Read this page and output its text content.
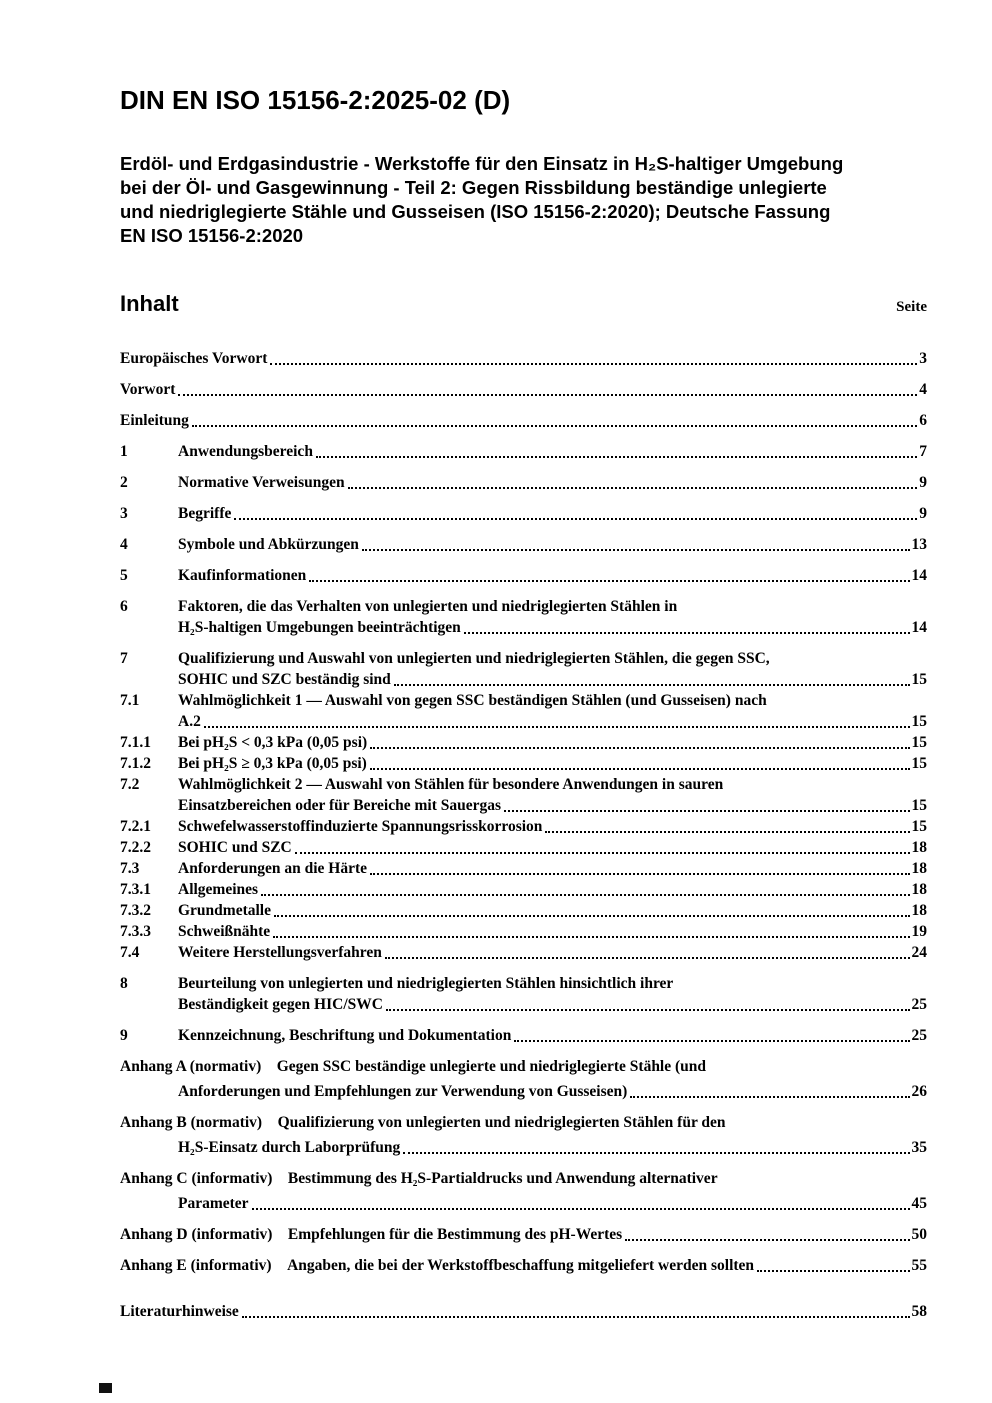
DIN EN ISO 15156-2:2025-02 (D)
Erdöl- und Erdgasindustrie - Werkstoffe für den Einsatz in H₂S-haltiger Umgebung
bei der Öl- und Gasgewinnung - Teil 2: Gegen Rissbildung beständige unlegierte
und niedriglegierte Stähle und Gusseisen (ISO 15156-2:2020); Deutsche Fassung
EN ISO 15156-2:2020
Inhalt	Seite
Europäisches Vorwort	3
Vorwort	4
Einleitung	6
1	Anwendungsbereich	7
2	Normative Verweisungen	9
3	Begriffe	9
4	Symbole und Abkürzungen	13
5	Kaufinformationen	14
6	Faktoren, die das Verhalten von unlegierten und niedriglegierten Stählen in
H₂S-haltigen Umgebungen beeinträchtigen	14
7	Qualifizierung und Auswahl von unlegierten und niedriglegierten Stählen, die gegen SSC,
SOHIC und SZC beständig sind	15
7.1	Wahlmöglichkeit 1 — Auswahl von gegen SSC beständigen Stählen (und Gusseisen) nach
A.2	15
7.1.1	Bei pH₂S < 0,3 kPa (0,05 psi)	15
7.1.2	Bei pH₂S ≥ 0,3 kPa (0,05 psi)	15
7.2	Wahlmöglichkeit 2 — Auswahl von Stählen für besondere Anwendungen in sauren
Einsatzbereichen oder für Bereiche mit Sauergas	15
7.2.1	Schwefelwasserstoffinduzierte Spannungsrisskorrosion	15
7.2.2	SOHIC und SZC	18
7.3	Anforderungen an die Härte	18
7.3.1	Allgemeines	18
7.3.2	Grundmetalle	18
7.3.3	Schweißnähte	19
7.4	Weitere Herstellungsverfahren	24
8	Beurteilung von unlegierten und niedriglegierten Stählen hinsichtlich ihrer
Beständigkeit gegen HIC/SWC	25
9	Kennzeichnung, Beschriftung und Dokumentation	25
Anhang A (normativ)  Gegen SSC beständige unlegierte und niedriglegierte Stähle (und
Anforderungen und Empfehlungen zur Verwendung von Gusseisen)	26
Anhang B (normativ)  Qualifizierung von unlegierten und niedriglegierten Stählen für den
H₂S-Einsatz durch Laborprüfung	35
Anhang C (informativ)  Bestimmung des H₂S-Partialdrucks und Anwendung alternativer
Parameter	45
Anhang D (informativ)  Empfehlungen für die Bestimmung des pH-Wertes	50
Anhang E (informativ)  Angaben, die bei der Werkstoffbeschaffung mitgeliefert werden sollten	55
Literaturhinweise	58
